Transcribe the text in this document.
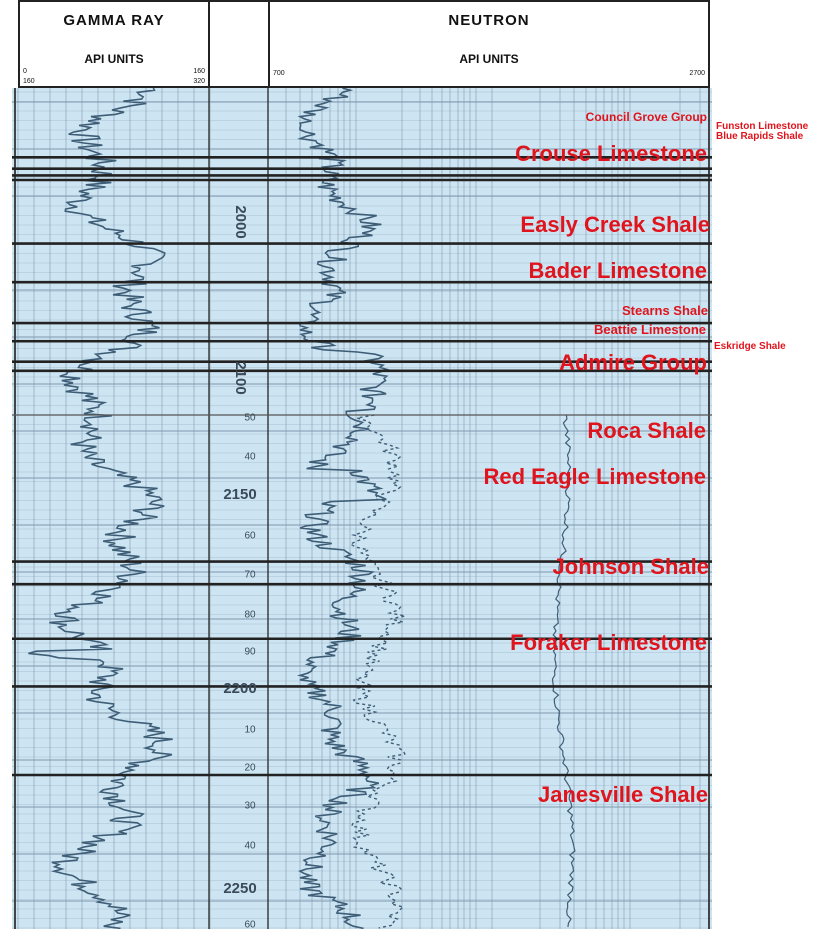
2000
2100
2150
2200
2250
50
40
60
70
80
90
10
20
30
40
60
GAMMA RAY
API UNITS
0	160
160	320
NEUTRON
API UNITS
700	2700
Council Grove Group
Crouse Limestone
Easly Creek Shale
Bader Limestone
Stearns Shale
Beattie Limestone
Admire Group
Roca Shale
Red Eagle Limestone
Johnson Shale
Foraker Limestone
Janesville Shale
Funston Limestone
Blue Rapids Shale
Eskridge Shale
